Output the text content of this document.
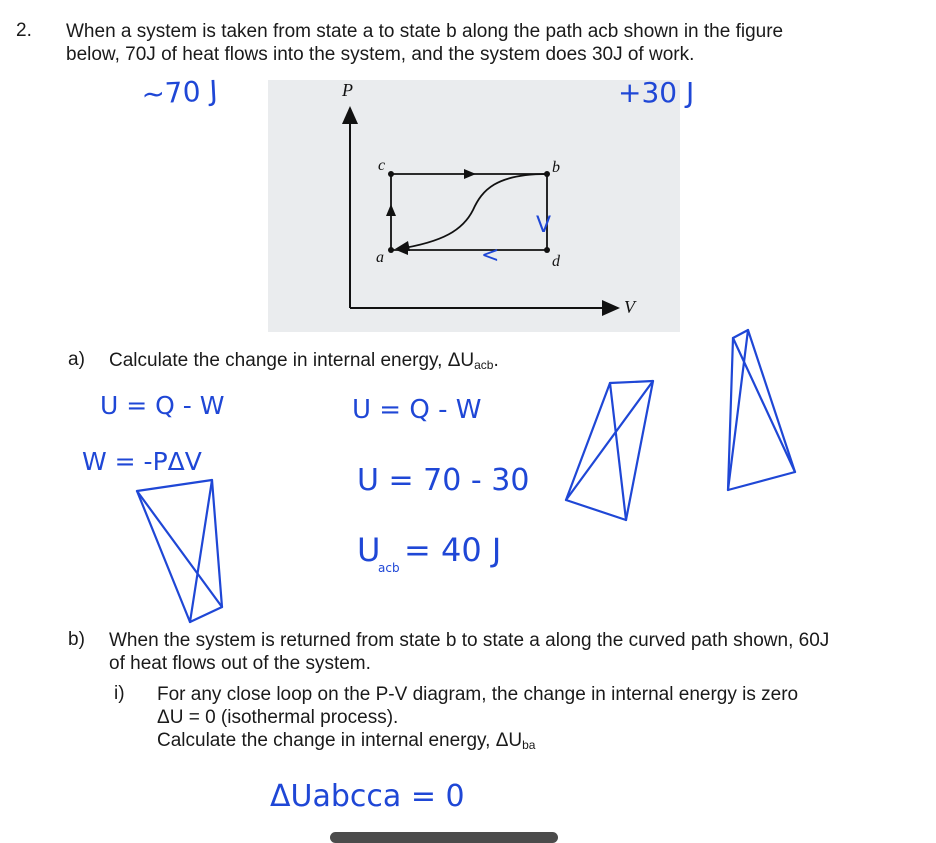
2. When a system is taken from state a to state b along the path acb shown in the figure
below, 70J of heat flows into the system, and the system does 30J of work.
P
V
a
b
c
d
a) Calculate the change in internal energy, ΔUacb.
b) When the system is returned from state b to state a along the curved path shown, 60J
of heat flows out of the system.
i) For any close loop on the P-V diagram, the change in internal energy is zero
ΔU = 0 (isothermal process).
Calculate the change in internal energy, ΔUba
~70 J	+30 J
U = Q - W
W = -PΔV
U = Q - W
U = 70 - 30
U
acb = 40 J
ΔUabcca = 0
V
<
